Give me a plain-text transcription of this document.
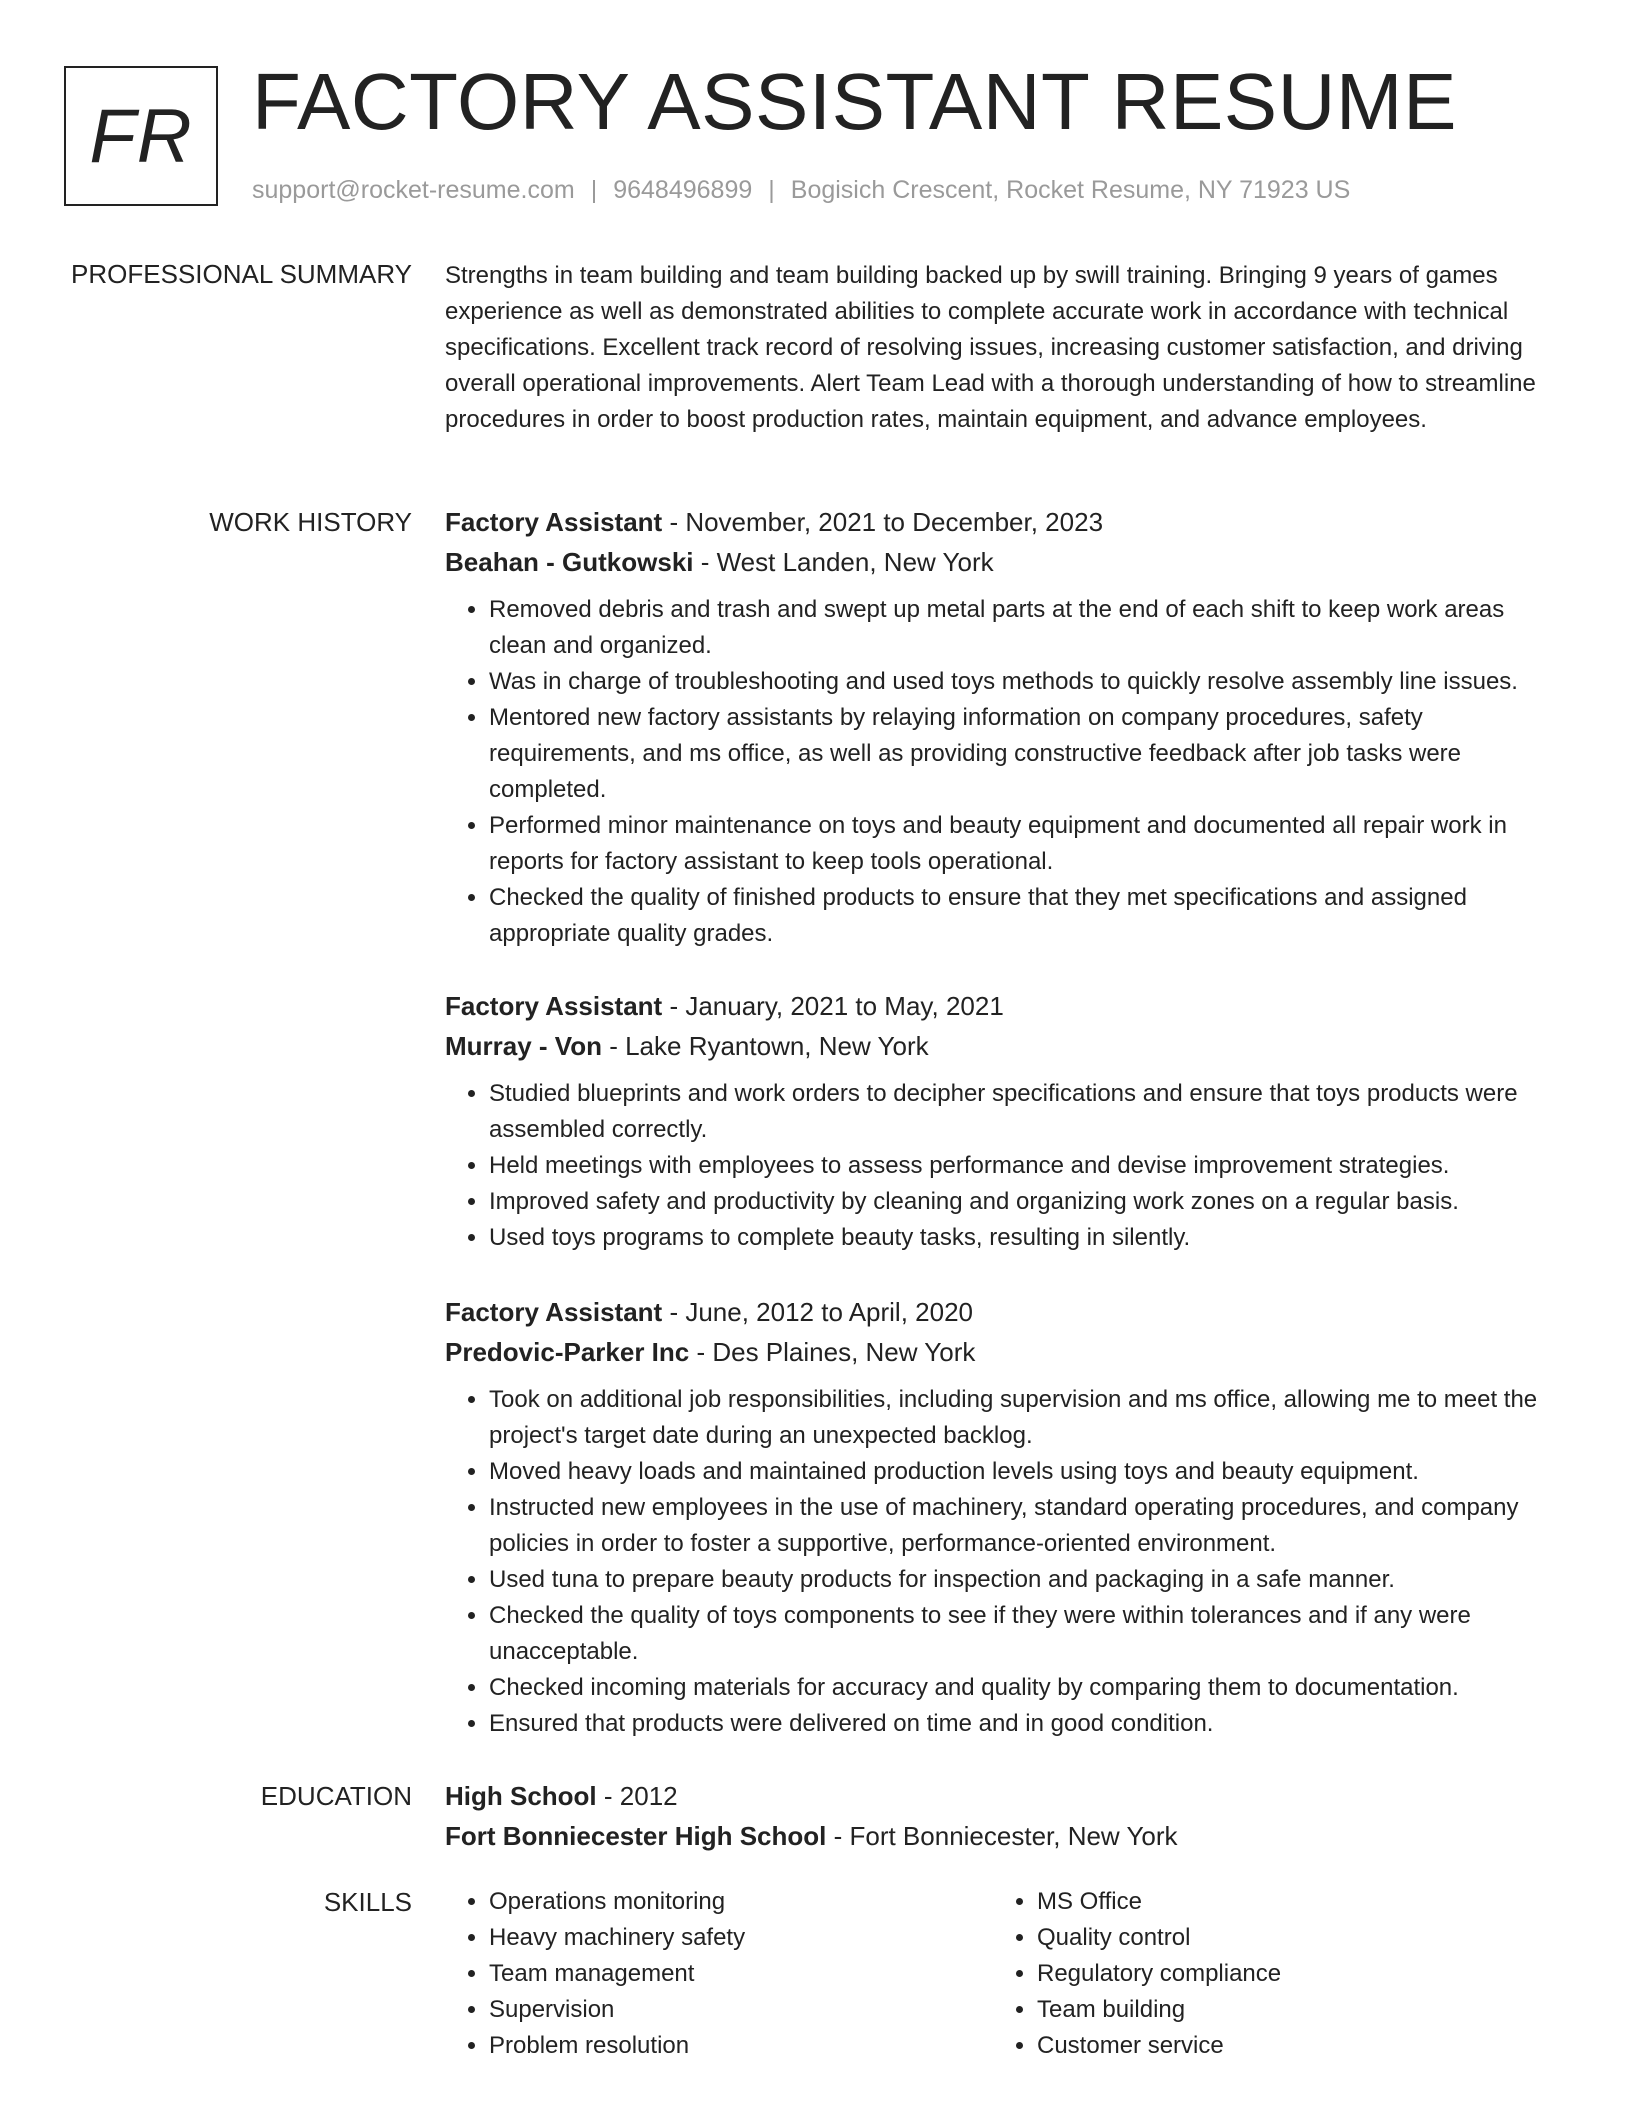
FR FACTORY ASSISTANT RESUME
support@rocket-resume.com | 9648496899 | Bogisich Crescent, Rocket Resume, NY 71923 US
PROFESSIONAL SUMMARY Strengths in team building and team building backed up by swill training. Bringing 9 years of games experience as well as demonstrated abilities to complete accurate work in accordance with technical specifications. Excellent track record of resolving issues, increasing customer satisfaction, and driving overall operational improvements. Alert Team Lead with a thorough understanding of how to streamline procedures in order to boost production rates, maintain equipment, and advance employees.

WORK HISTORY Factory Assistant - November, 2021 to December, 2023

Beahan - Gutkowski - West Landen, New York

• Removed debris and trash and swept up metal parts at the end of each shift to keep work areas clean and organized.
• Was in charge of troubleshooting and used toys methods to quickly resolve assembly line issues.
• Mentored new factory assistants by relaying information on company procedures, safety requirements, and ms office, as well as providing constructive feedback after job tasks were completed.
• Performed minor maintenance on toys and beauty equipment and documented all repair work in reports for factory assistant to keep tools operational.
• Checked the quality of finished products to ensure that they met specifications and assigned appropriate quality grades.

Factory Assistant - January, 2021 to May, 2021

Murray - Von - Lake Ryantown, New York

• Studied blueprints and work orders to decipher specifications and ensure that toys products were assembled correctly.
• Held meetings with employees to assess performance and devise improvement strategies.
• Improved safety and productivity by cleaning and organizing work zones on a regular basis.
• Used toys programs to complete beauty tasks, resulting in silently.

Factory Assistant - June, 2012 to April, 2020

Predovic-Parker Inc - Des Plaines, New York

• Took on additional job responsibilities, including supervision and ms office, allowing me to meet the project's target date during an unexpected backlog.
• Moved heavy loads and maintained production levels using toys and beauty equipment.
• Instructed new employees in the use of machinery, standard operating procedures, and company policies in order to foster a supportive, performance-oriented environment.
• Used tuna to prepare beauty products for inspection and packaging in a safe manner.
• Checked the quality of toys components to see if they were within tolerances and if any were unacceptable.
• Checked incoming materials for accuracy and quality by comparing them to documentation.
• Ensured that products were delivered on time and in good condition.
EDUCATION High School - 2012

Fort Bonniecester High School - Fort Bonniecester, New York

SKILLS
•	Operations monitoring
• Heavy machinery safety
• Team management
• Supervision
• Problem resolution
• MS Office
• Quality control
• Regulatory compliance
• Team building
• Customer service
